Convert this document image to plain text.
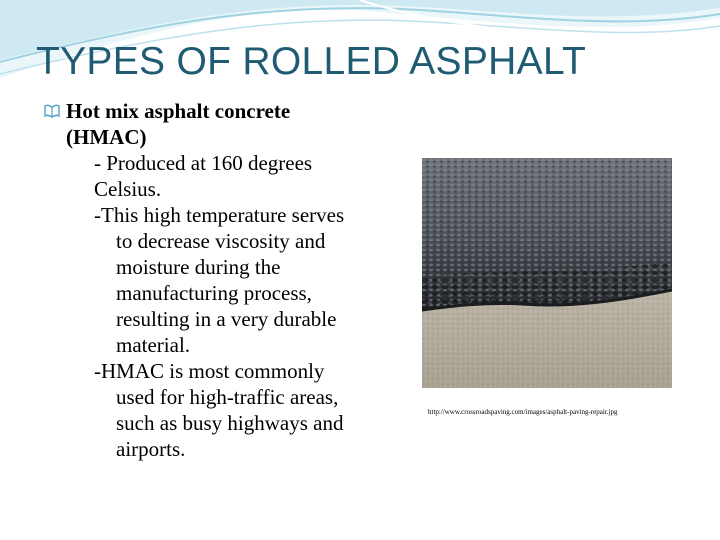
TYPES OF ROLLED ASPHALT
Hot mix asphalt concrete
(HMAC)
- Produced at 160 degrees
Celsius.
-This high temperature serves
to decrease viscosity and
moisture during the
manufacturing process,
resulting in a very durable
material.
-HMAC is most commonly
used for high-traffic areas,
such as busy highways and
airports.
http://www.crossroadspaving.com/images/asphalt-paving-repair.jpg
